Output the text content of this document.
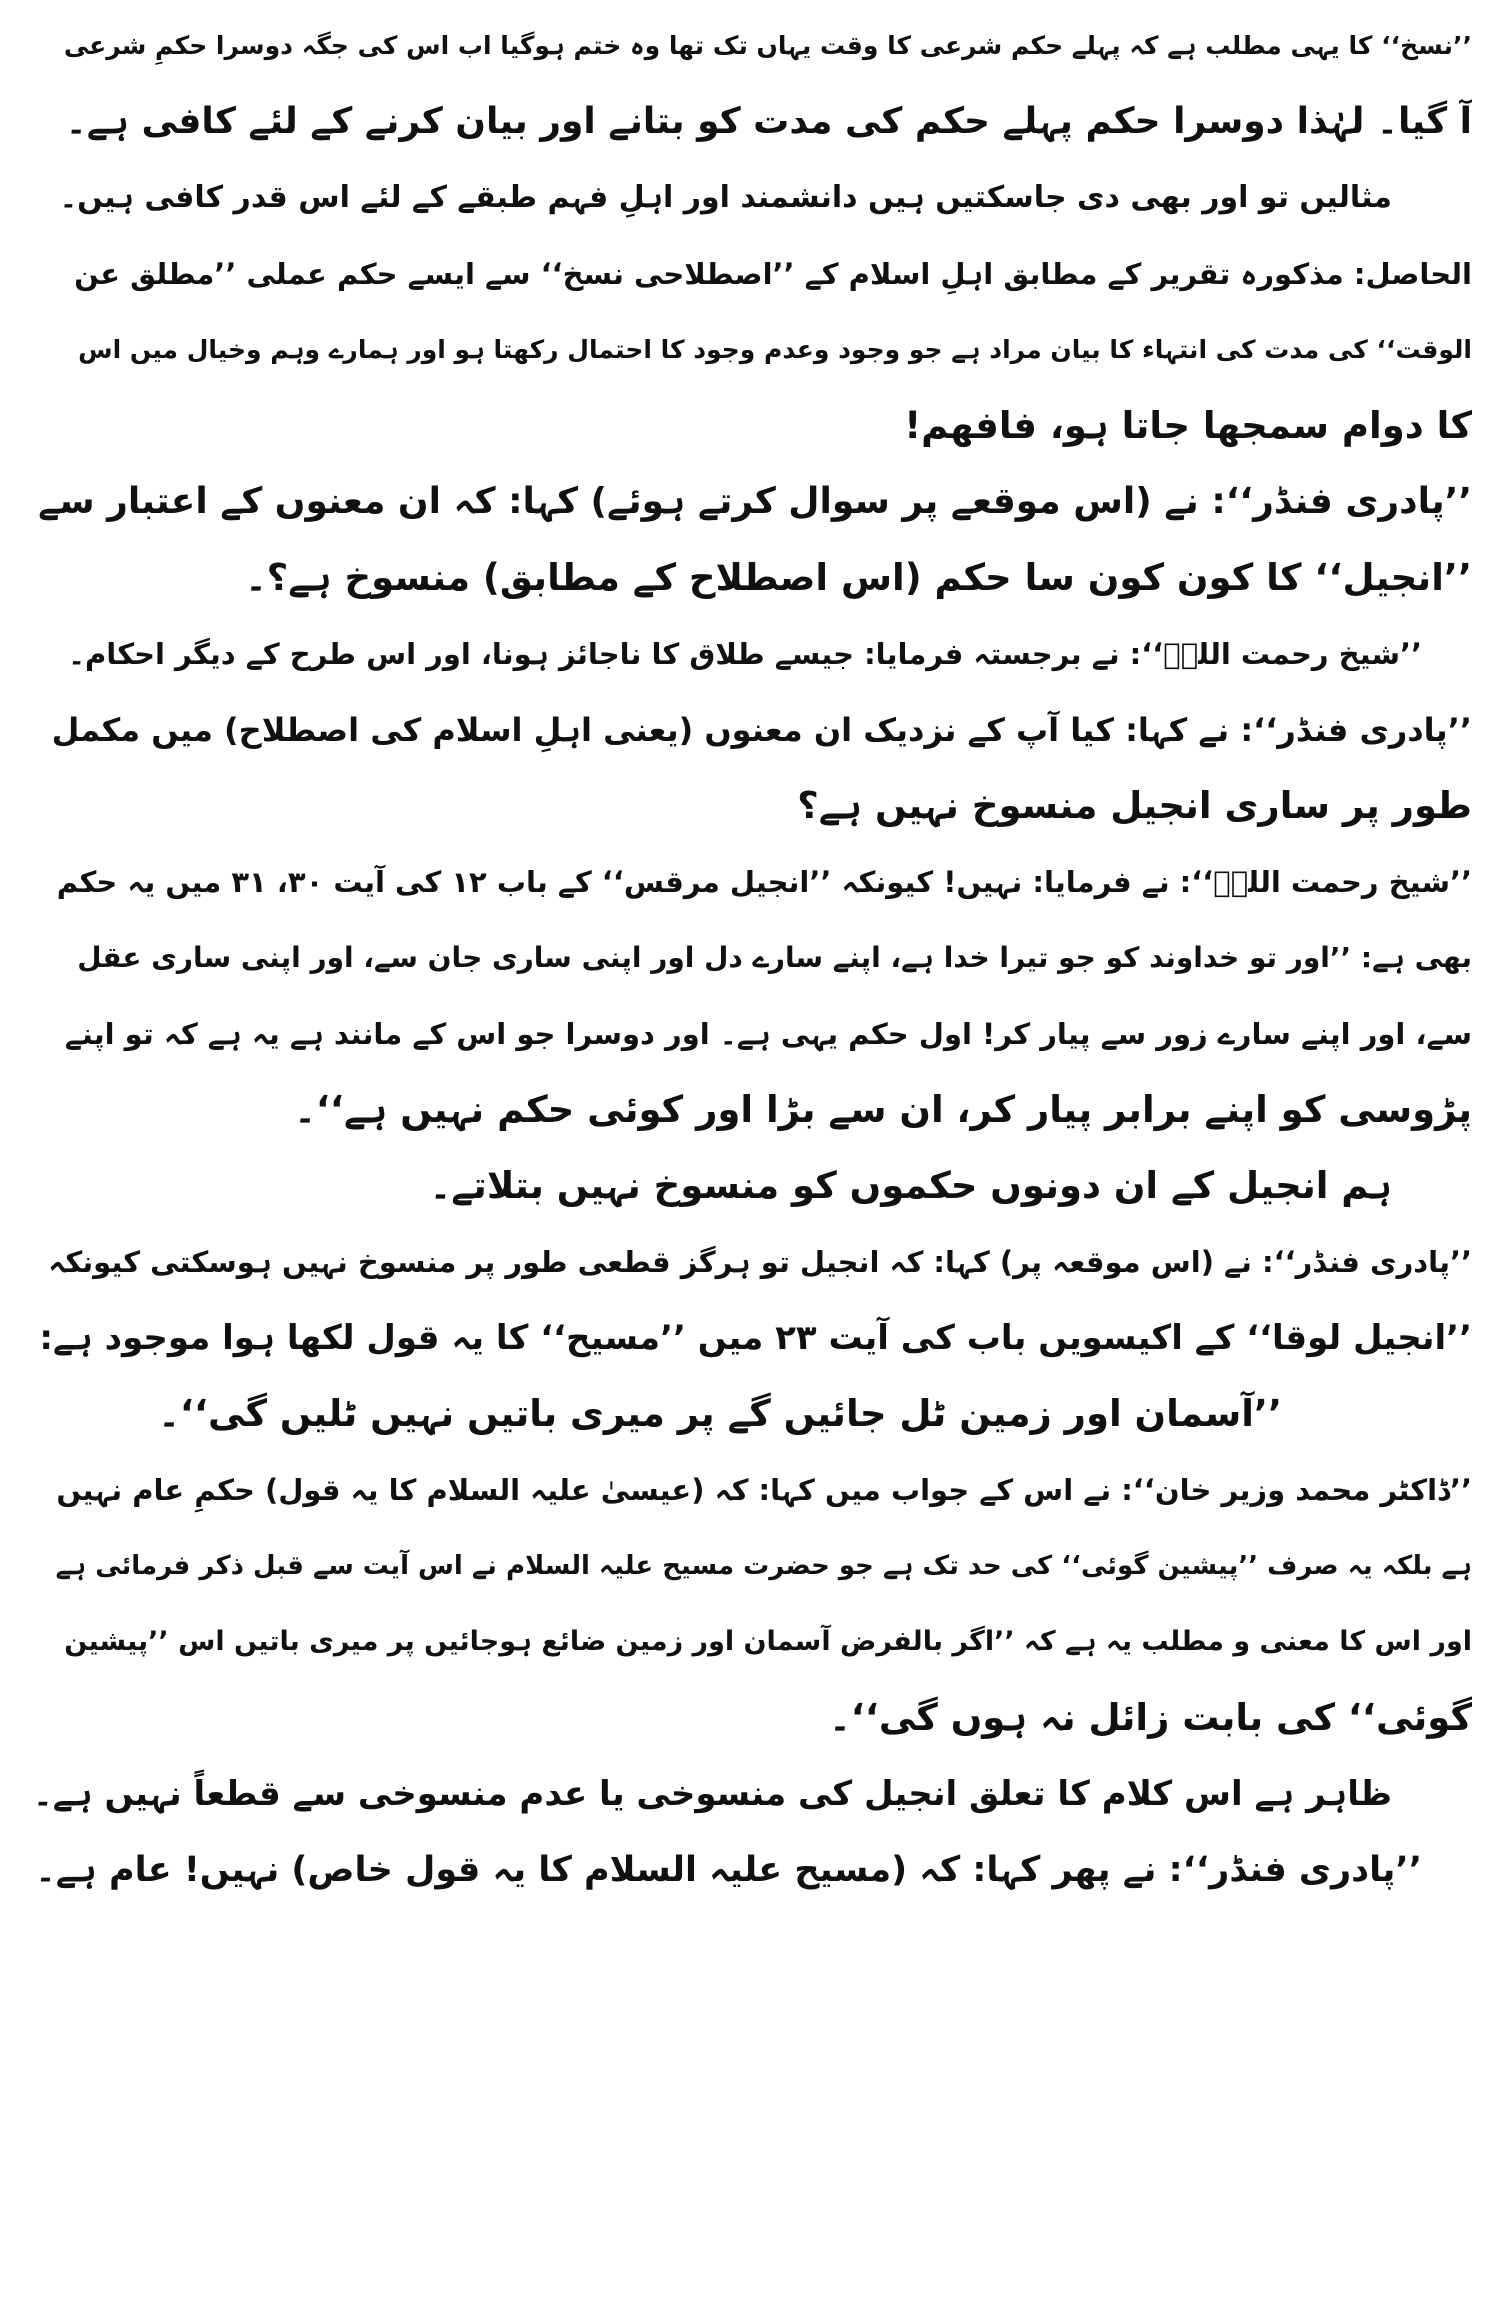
’’نسخ‘‘ کا یہی مطلب ہے کہ پہلے حکم شرعی کا وقت یہاں تک تھا وہ ختم ہوگیا اب اس کی جگہ دوسرا حکمِ شرعی
آ گیا۔ لہٰذا دوسرا حکم پہلے حکم کی مدت کو بتانے اور بیان کرنے کے لئے کافی ہے۔
مثالیں تو اور بھی دی جاسکتیں ہیں دانشمند اور اہلِ فہم طبقے کے لئے اس قدر کافی ہیں۔
الحاصل: مذکورہ تقریر کے مطابق اہلِ اسلام کے ’’اصطلاحی نسخ‘‘ سے ایسے حکم عملی ’’مطلق عن
الوقت‘‘ کی مدت کی انتہاء کا بیان مراد ہے جو وجود وعدم وجود کا احتمال رکھتا ہو اور ہمارے وہم وخیال میں اس
کا دوام سمجھا جاتا ہو، فافھم!
’’پادری فنڈر‘‘: نے (اس موقعے پر سوال کرتے ہوئے) کہا: کہ ان معنوں کے اعتبار سے
’’انجیل‘‘ کا کون کون سا حکم (اس اصطلاح کے مطابق) منسوخ ہے؟۔
’’شیخ رحمت اللہؒ‘‘: نے برجستہ فرمایا: جیسے طلاق کا ناجائز ہونا، اور اس طرح کے دیگر احکام۔
’’پادری فنڈر‘‘: نے کہا: کیا آپ کے نزدیک ان معنوں (یعنی اہلِ اسلام کی اصطلاح) میں مکمل
طور پر ساری انجیل منسوخ نہیں ہے؟
’’شیخ رحمت اللہؒ‘‘: نے فرمایا: نہیں! کیونکہ ’’انجیل مرقس‘‘ کے باب ۱۲ کی آیت ۳۰، ۳۱ میں یہ حکم
بھی ہے: ’’اور تو خداوند کو جو تیرا خدا ہے، اپنے سارے دل اور اپنی ساری جان سے، اور اپنی ساری عقل
سے، اور اپنے سارے زور سے پیار کر! اول حکم یہی ہے۔ اور دوسرا جو اس کے مانند ہے یہ ہے کہ تو اپنے
پڑوسی کو اپنے برابر پیار کر، ان سے بڑا اور کوئی حکم نہیں ہے‘‘۔
ہم انجیل کے ان دونوں حکموں کو منسوخ نہیں بتلاتے۔
’’پادری فنڈر‘‘: نے (اس موقعہ پر) کہا: کہ انجیل تو ہرگز قطعی طور پر منسوخ نہیں ہوسکتی کیونکہ
’’انجیل لوقا‘‘ کے اکیسویں باب کی آیت ۲۳ میں ’’مسیح‘‘ کا یہ قول لکھا ہوا موجود ہے:
’’آسمان اور زمین ٹل جائیں گے پر میری باتیں نہیں ٹلیں گی‘‘۔
’’ڈاکٹر محمد وزیر خان‘‘: نے اس کے جواب میں کہا: کہ (عیسیٰ علیہ السلام کا یہ قول) حکمِ عام نہیں
ہے بلکہ یہ صرف ’’پیشین گوئی‘‘ کی حد تک ہے جو حضرت مسیح علیہ السلام نے اس آیت سے قبل ذکر فرمائی ہے
اور اس کا معنی و مطلب یہ ہے کہ ’’اگر بالفرض آسمان اور زمین ضائع ہوجائیں پر میری باتیں اس ’’پیشین
گوئی‘‘ کی بابت زائل نہ ہوں گی‘‘۔
ظاہر ہے اس کلام کا تعلق انجیل کی منسوخی یا عدم منسوخی سے قطعاً نہیں ہے۔
’’پادری فنڈر‘‘: نے پھر کہا: کہ (مسیح علیہ السلام کا یہ قول خاص) نہیں! عام ہے۔
